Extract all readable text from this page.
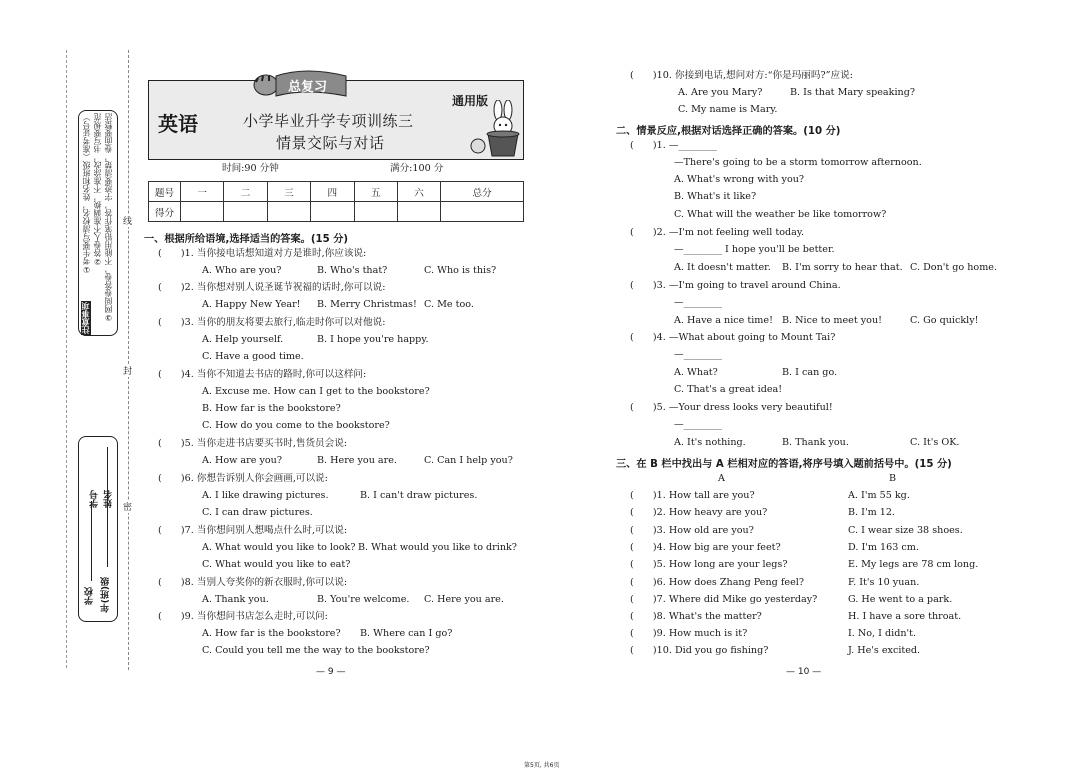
线
封
密
注意事项
①考生要写清校名，姓名和班级（准考证号） ②答卷人不准调换，不准涂改，书写要规范 ③网阅卷答卷，不能用铅笔作答，字迹要清楚，卷面要整洁
学校 年(班)级
学号 姓名
总复习
英语	小学毕业升学专项训练三
情景交际与对话
通用版
时间:90 分钟	满分:100 分
题号	一	二	三	四	五	六	总分
得分							
一、根据所给语境,选择适当的答案。(15 分)
(　　)1. 当你接电话想知道对方是谁时,你应该说:
A. Who are you?	B. Who's that?	C. Who is this?
(　　)2. 当你想对别人说圣诞节祝福的话时,你可以说:
A. Happy New Year! B. Merry Christmas! C. Me too.
(　　)3. 当你的朋友将要去旅行,临走时你可以对他说:
A. Help yourself.	B. I hope you're happy.
C. Have a good time.
(　　)4. 当你不知道去书店的路时,你可以这样问:
A. Excuse me. How can I get to the bookstore?
B. How far is the bookstore?
C. How do you come to the bookstore?
(　　)5. 当你走进书店要买书时,售货员会说:
A. How are you?	B. Here you are.	C. Can I help you?
(　　)6. 你想告诉别人你会画画,可以说:
A. I like drawing pictures.	B. I can't draw pictures.
C. I can draw pictures.
(　　)7. 当你想问别人想喝点什么时,可以说:
A. What would you like to look? B. What would you like to drink?
C. What would you like to eat?
(　　)8. 当别人夸奖你的新衣服时,你可以说:
A. Thank you.	B. You're welcome. C. Here you are.
(　　)9. 当你想问书店怎么走时,可以问:
A. How far is the bookstore? B. Where can I go?
C. Could you tell me the way to the bookstore?
— 9 —
(　　)10. 你接到电话,想问对方:“你是玛丽吗?”应说:
A. Are you Mary?	B. Is that Mary speaking?
C. My name is Mary.
二、情景反应,根据对话选择正确的答案。(10 分)
(　　)1. —________
—There's going to be a storm tomorrow afternoon.
A. What's wrong with you?
B. What's it like?
C. What will the weather be like tomorrow?
(　　)2. —I'm not feeling well today.
—________ I hope you'll be better.
A. It doesn't matter. B. I'm sorry to hear that. C. Don't go home.
(　　)3. —I'm going to travel around China.
—________
A. Have a nice time! B. Nice to meet you!	C. Go quickly!
(　　)4. —What about going to Mount Tai?
—________
A. What?	B. I can go.
C. That's a great idea!
(　　)5. —Your dress looks very beautiful!
—________
A. It's nothing.	B. Thank you.	C. It's OK.
三、在 B 栏中找出与 A 栏相对应的答语,将序号填入题前括号中。(15 分)
A	B
(　　)1. How tall are you?	A. I'm 55 kg.
(　　)2. How heavy are you?	B. I'm 12.
(　　)3. How old are you?	C. I wear size 38 shoes.
(　　)4. How big are your feet?	D. I'm 163 cm.
(　　)5. How long are your legs?	E. My legs are 78 cm long.
(　　)6. How does Zhang Peng feel?	F. It's 10 yuan.
(　　)7. Where did Mike go yesterday?	G. He went to a park.
(　　)8. What's the matter?	H. I have a sore throat.
(　　)9. How much is it?	I. No, I didn't.
(　　)10. Did you go fishing?	J. He's excited.
— 10 —
第5页, 共6页
